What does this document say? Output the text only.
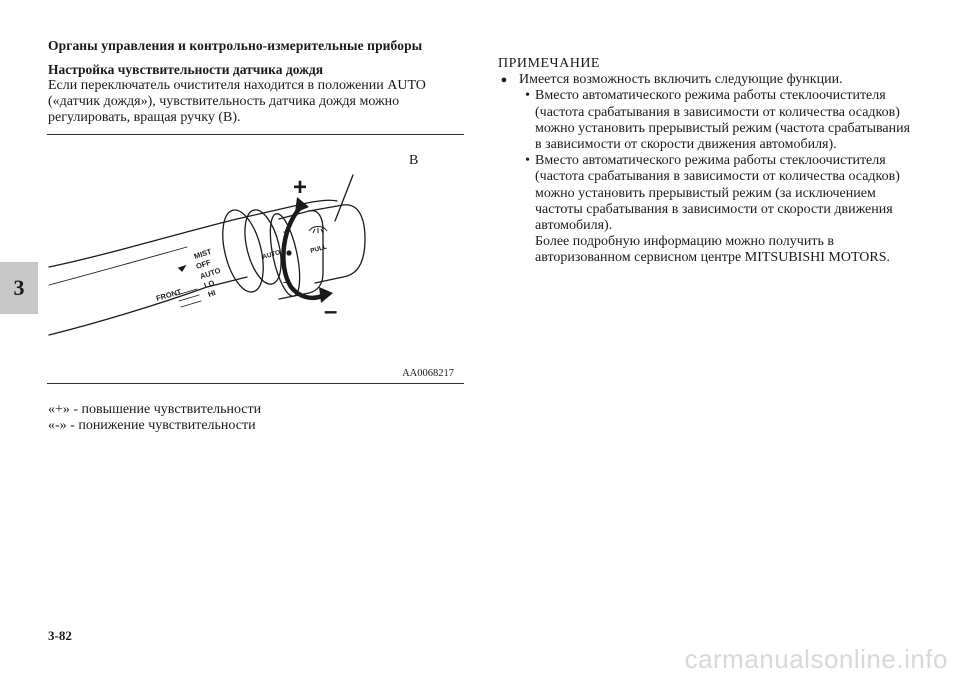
Органы управления и контрольно-измерительные приборы
3
Настройка чувствительности датчика дождя

Если переключатель очистителя находится в положении AUTO

(«датчик дождя»), чувствительность датчика дождя можно

регулировать, вращая ручку (B).

+
–
MIST
OFF
AUTO
LO
HI
FRONT
AUTO
+
–
PULL
B
AA0068217
«+» - повышение чувствительности
«-» - понижение чувствительности
ПРИМЕЧАНИЕ
● Имеется возможность включить следующие функции.
• Вместо автоматического режима работы стеклоочистителя
(частота срабатывания в зависимости от количества осадков)
можно установить прерывистый режим (частота срабатывания
в зависимости от скорости движения автомобиля).
• Вместо автоматического режима работы стеклоочистителя
(частота срабатывания в зависимости от количества осадков)
можно установить прерывистый режим (за исключением
частоты срабатывания в зависимости от скорости движения
автомобиля).
Более подробную информацию можно получить в
авторизованном сервисном центре MITSUBISHI MOTORS.
3-82
carmanualsonline.info
